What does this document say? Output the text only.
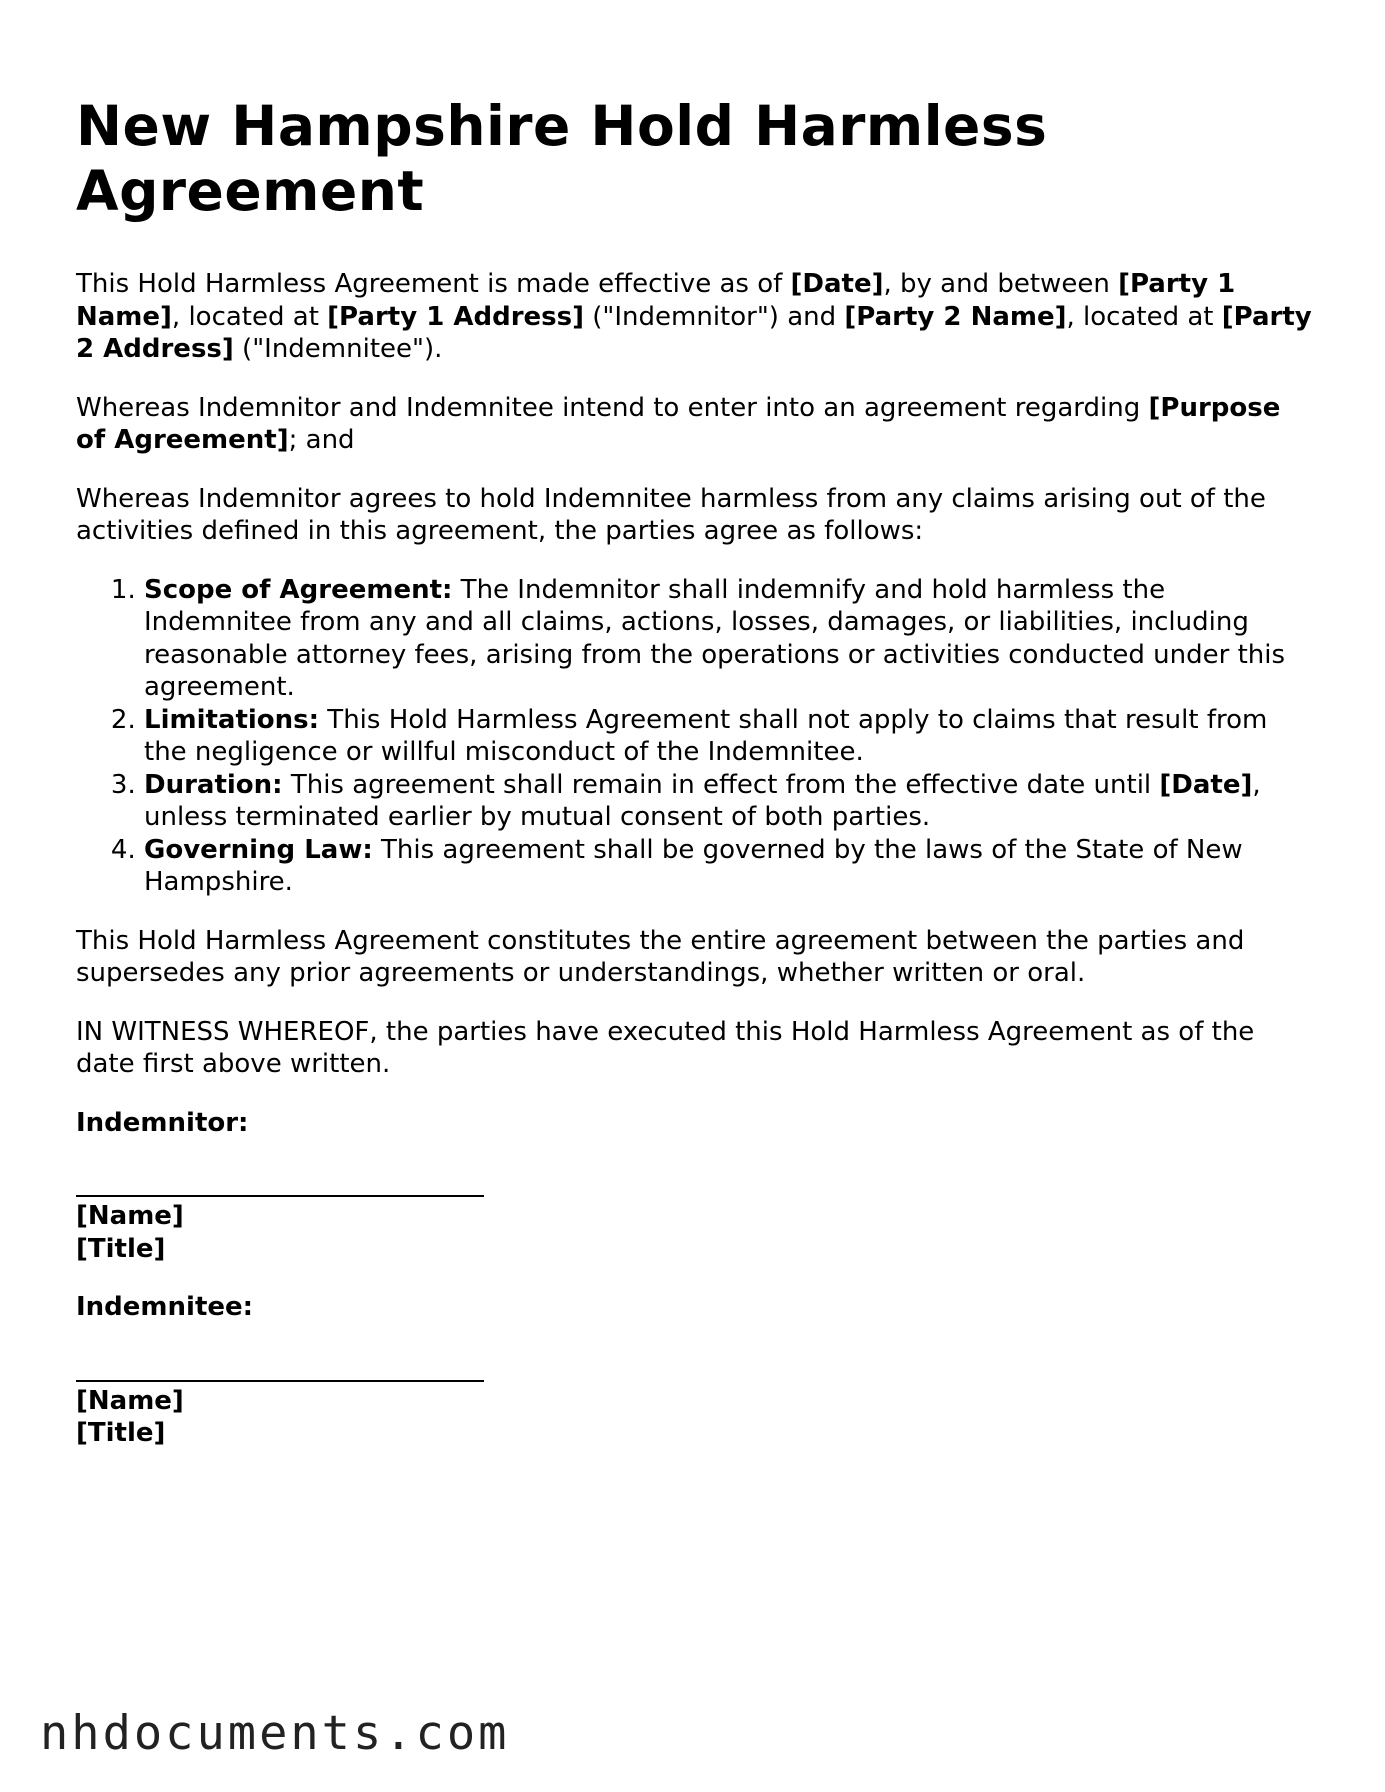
New Hampshire Hold Harmless Agreement

This Hold Harmless Agreement is made effective as of [Date], by and between [Party 1 Name], located at [Party 1 Address] ("Indemnitor") and [Party 2 Name], located at [Party 2 Address] ("Indemnitee").

Whereas Indemnitor and Indemnitee intend to enter into an agreement regarding [Purpose of Agreement]; and

Whereas Indemnitor agrees to hold Indemnitee harmless from any claims arising out of the activities defined in this agreement, the parties agree as follows:

1. Scope of Agreement: The Indemnitor shall indemnify and hold harmless the Indemnitee from any and all claims, actions, losses, damages, or liabilities, including reasonable attorney fees, arising from the operations or activities conducted under this agreement.
2. Limitations: This Hold Harmless Agreement shall not apply to claims that result from the negligence or willful misconduct of the Indemnitee.
3. Duration: This agreement shall remain in effect from the effective date until [Date], unless terminated earlier by mutual consent of both parties.
4. Governing Law: This agreement shall be governed by the laws of the State of New Hampshire.

This Hold Harmless Agreement constitutes the entire agreement between the parties and supersedes any prior agreements or understandings, whether written or oral.

IN WITNESS WHEREOF, the parties have executed this Hold Harmless Agreement as of the date first above written.

Indemnitor:
[Name]
[Title]
Indemnitee:
[Name]
[Title]
nhdocuments.com
